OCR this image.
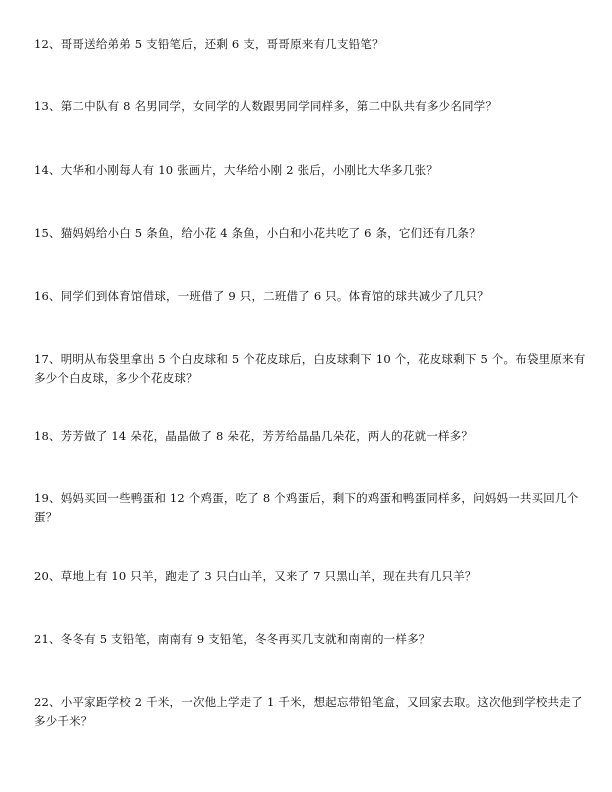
12、哥哥送给弟弟 5 支铅笔后，还剩 6 支，哥哥原来有几支铅笔？
13、第二中队有 8 名男同学，女同学的人数跟男同学同样多，第二中队共有多少名同学？
14、大华和小刚每人有 10 张画片，大华给小刚 2 张后，小刚比大华多几张？
15、猫妈妈给小白 5 条鱼，给小花 4 条鱼，小白和小花共吃了 6 条，它们还有几条？
16、同学们到体育馆借球，一班借了 9 只，二班借了 6 只。体育馆的球共减少了几只？
17、明明从布袋里拿出 5 个白皮球和 5 个花皮球后，白皮球剩下 10 个，花皮球剩下 5 个。布袋里原来有多少个白皮球，多少个花皮球？
18、芳芳做了 14 朵花，晶晶做了 8 朵花，芳芳给晶晶几朵花，两人的花就一样多？
19、妈妈买回一些鸭蛋和 12 个鸡蛋，吃了 8 个鸡蛋后，剩下的鸡蛋和鸭蛋同样多，问妈妈一共买回几个蛋？
20、草地上有 10 只羊，跑走了 3 只白山羊，又来了 7 只黑山羊，现在共有几只羊？
21、冬冬有 5 支铅笔，南南有 9 支铅笔，冬冬再买几支就和南南的一样多？
22、小平家距学校 2 千米，一次他上学走了 1 千米，想起忘带铅笔盒，又回家去取。这次他到学校共走了多少千米？
